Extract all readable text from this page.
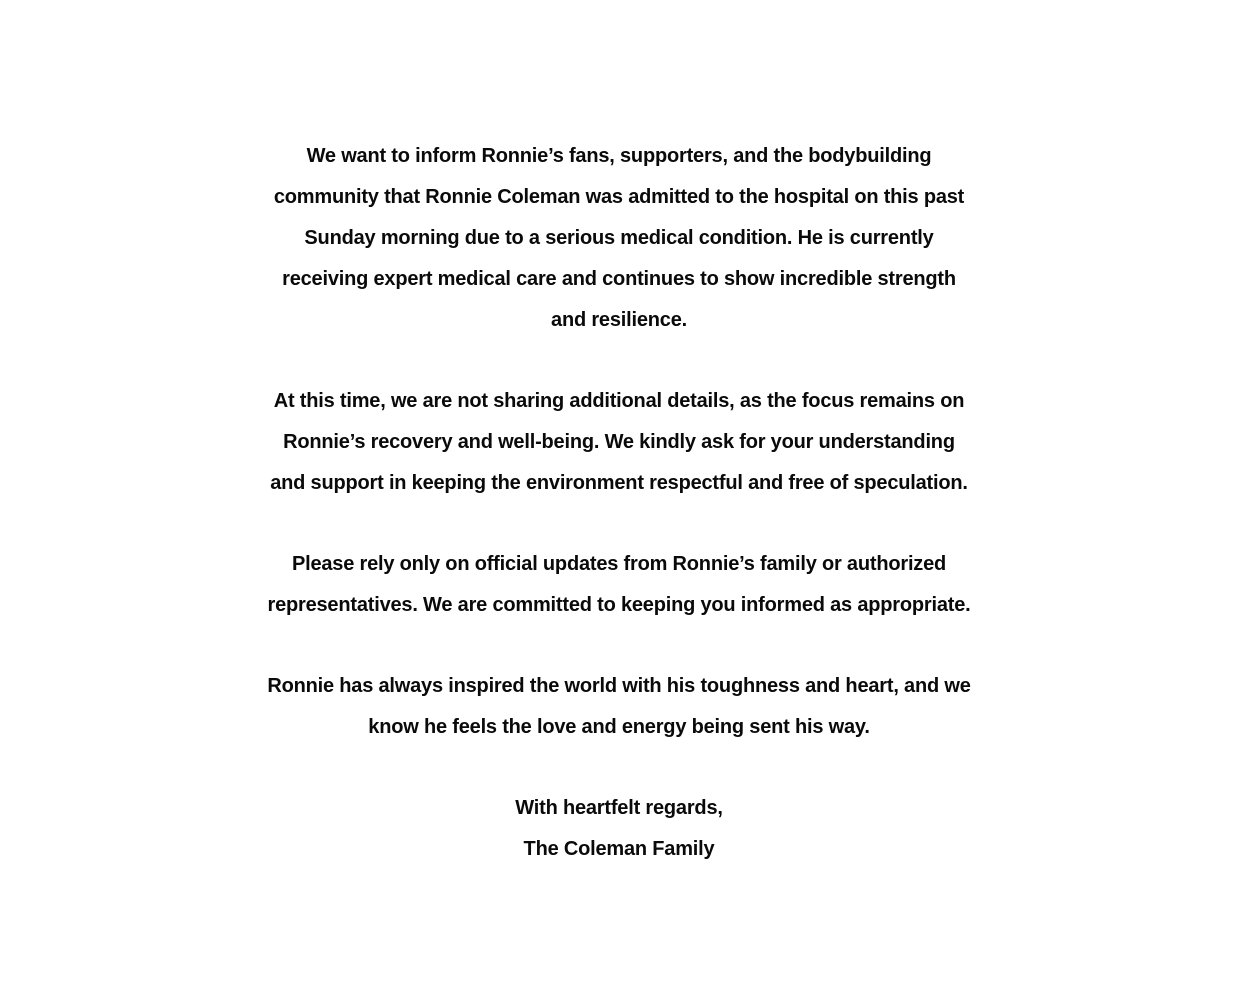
We want to inform Ronnie’s fans, supporters, and the bodybuilding
community that Ronnie Coleman was admitted to the hospital on this past
Sunday morning due to a serious medical condition. He is currently
receiving expert medical care and continues to show incredible strength
and resilience.

At this time, we are not sharing additional details, as the focus remains on
Ronnie’s recovery and well-being. We kindly ask for your understanding
and support in keeping the environment respectful and free of speculation.

Please rely only on official updates from Ronnie’s family or authorized
representatives. We are committed to keeping you informed as appropriate.

Ronnie has always inspired the world with his toughness and heart, and we
know he feels the love and energy being sent his way.

With heartfelt regards,
The Coleman Family
